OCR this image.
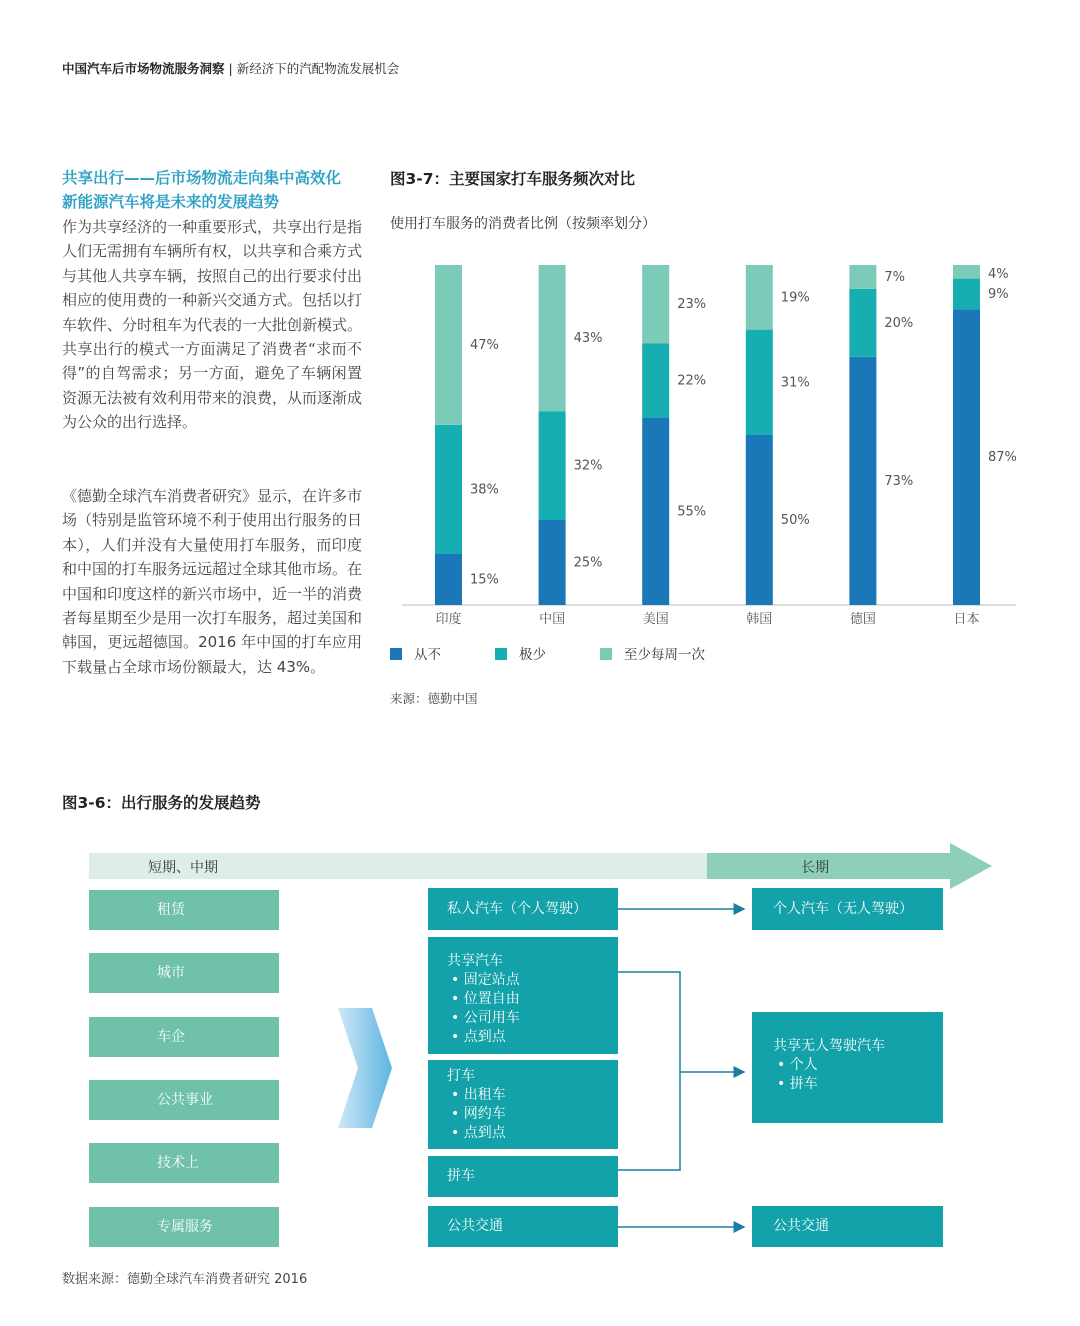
中国汽车后市场物流服务洞察 | 新经济下的汽配物流发展机会
共享出行——后市场物流走向集中高效化
新能源汽车将是未来的发展趋势

作为共享经济的一种重要形式，共享出行是指人们无需拥有车辆所有权，以共享和合乘方式与其他人共享车辆，按照自己的出行要求付出相应的使用费的一种新兴交通方式。包括以打车软件、分时租车为代表的一大批创新模式。共享出行的模式一方面满足了消费者“求而不得”的自驾需求；另一方面，避免了车辆闲置资源无法被有效利用带来的浪费，从而逐渐成为公众的出行选择。

《德勤全球汽车消费者研究》显示，在许多市场（特别是监管环境不利于使用出行服务的日本），人们并没有大量使用打车服务，而印度和中国的打车服务远远超过全球其他市场。在中国和印度这样的新兴市场中，近一半的消费者每星期至少是用一次打车服务，超过美国和韩国，更远超德国。2016 年中国的打车应用下载量占全球市场份额最大，达 43%。

图3-7：主要国家打车服务频次对比
使用打车服务的消费者比例（按频率划分）
15%
38%
47%
25%
32%
43%
55%
22%
23%
50%
31%
19%
73%
20%
7%
87%
9%
4%
印度	中国	美国	韩国	德国	日本
从不	极少	至少每周一次
来源：德勤中国
图3-6：出行服务的发展趋势
短期、中期	长期
租赁
城市
车企
公共事业
技术上
专属服务
私人汽车（个人驾驶）
共享汽车
• 固定站点
• 位置自由
• 公司用车
• 点到点
打车
• 出租车
• 网约车
• 点到点
拼车
公共交通
个人汽车（无人驾驶）
共享无人驾驶汽车
• 个人
• 拼车
公共交通
数据来源：德勤全球汽车消费者研究 2016
